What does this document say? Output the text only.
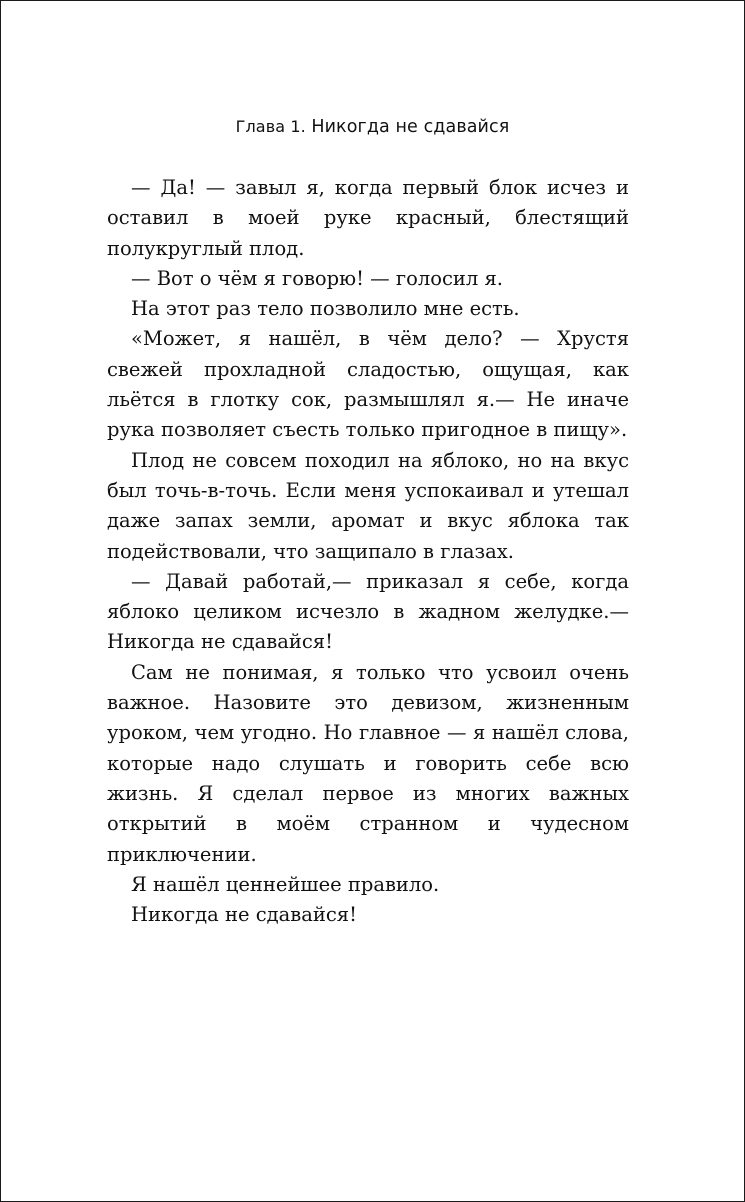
Глава 1. Никогда не сдавайся

— Да! — завыл я, когда первый блок исчез и оставил в моей руке красный, блестящий полукруглый плод.

— Вот о чём я говорю! — голосил я.

На этот раз тело позволило мне есть.

«Может, я нашёл, в чём дело? — Хрустя свежей прохладной сладостью, ощущая, как льётся в глотку сок, размышлял я.— Не иначе рука позволяет съесть только пригодное в пищу».

Плод не совсем походил на яблоко, но на вкус был точь-в-точь. Если меня успокаивал и утешал даже запах земли, аромат и вкус яблока так подействовали, что защипало в глазах.

— Давай работай,— приказал я себе, когда яблоко целиком исчезло в жадном желудке.— Никогда не сдавайся!

Сам не понимая, я только что усвоил очень важное. Назовите это девизом, жизненным уроком, чем угодно. Но главное — я нашёл слова, которые надо слушать и говорить себе всю жизнь. Я сделал первое из многих важных открытий в моём странном и чудесном приключении.

Я нашёл ценнейшее правило.

Никогда не сдавайся!
